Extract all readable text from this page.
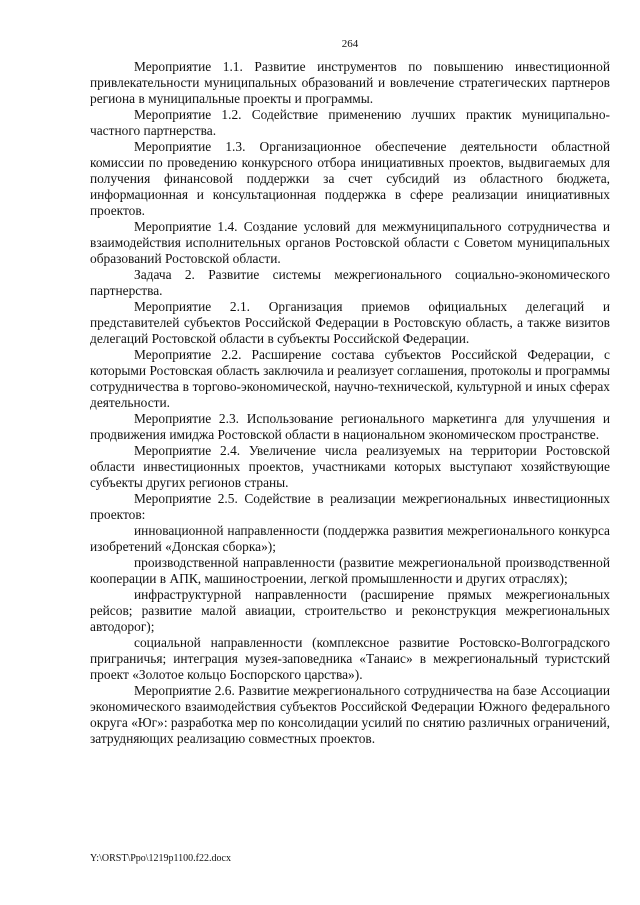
264

Мероприятие 1.1. Развитие инструментов по повышению инвестиционной привлекательности муниципальных образований и вовлечение стратегических партнеров региона в муниципальные проекты и программы.

Мероприятие 1.2. Содействие применению лучших практик муниципально-частного партнерства.

Мероприятие 1.3. Организационное обеспечение деятельности областной комиссии по проведению конкурсного отбора инициативных проектов, выдвигаемых для получения финансовой поддержки за счет субсидий из областного бюджета, информационная и консультационная поддержка в сфере реализации инициативных проектов.

Мероприятие 1.4. Создание условий для межмуниципального сотрудничества и взаимодействия исполнительных органов Ростовской области с Советом муниципальных образований Ростовской области.

Задача 2. Развитие системы межрегионального социально-экономического партнерства.

Мероприятие 2.1. Организация приемов официальных делегаций и представителей субъектов Российской Федерации в Ростовскую область, а также визитов делегаций Ростовской области в субъекты Российской Федерации.

Мероприятие 2.2. Расширение состава субъектов Российской Федерации, с которыми Ростовская область заключила и реализует соглашения, протоколы и программы сотрудничества в торгово-экономической, научно-технической, культурной и иных сферах деятельности.

Мероприятие 2.3. Использование регионального маркетинга для улучшения и продвижения имиджа Ростовской области в национальном экономическом пространстве.

Мероприятие 2.4. Увеличение числа реализуемых на территории Ростовской области инвестиционных проектов, участниками которых выступают хозяйствующие субъекты других регионов страны.

Мероприятие 2.5. Содействие в реализации межрегиональных инвестиционных проектов:

инновационной направленности (поддержка развития межрегионального конкурса изобретений «Донская сборка»);

производственной направленности (развитие межрегиональной производственной кооперации в АПК, машиностроении, легкой промышленности и других отраслях);

инфраструктурной направленности (расширение прямых межрегиональных рейсов; развитие малой авиации, строительство и реконструкция межрегиональных автодорог);

социальной направленности (комплексное развитие Ростовско-Волгоградского приграничья; интеграция музея-заповедника «Танаис» в межрегиональный туристский проект «Золотое кольцо Боспорского царства»).

Мероприятие 2.6. Развитие межрегионального сотрудничества на базе Ассоциации экономического взаимодействия субъектов Российской Федерации Южного федерального округа «Юг»: разработка мер по консолидации усилий по снятию различных ограничений, затрудняющих реализацию совместных проектов.

Y:\ORST\Ppo\1219p1100.f22.docx
